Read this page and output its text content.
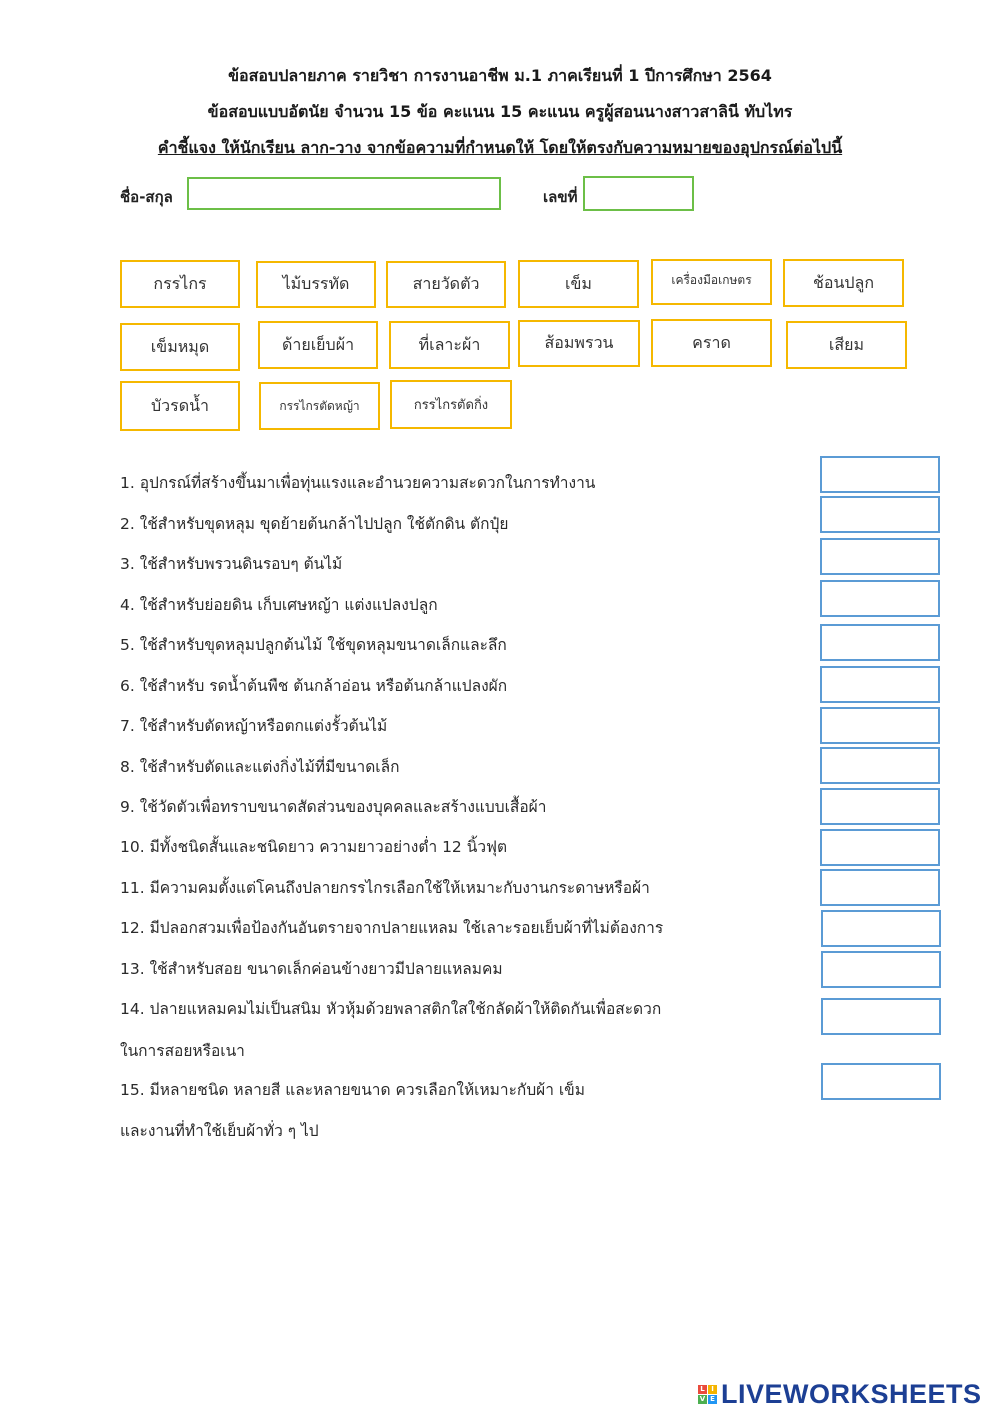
ข้อสอบปลายภาค รายวิชา การงานอาชีพ ม.1 ภาคเรียนที่ 1 ปีการศึกษา 2564
ข้อสอบแบบอัตนัย จำนวน 15 ข้อ คะแนน 15 คะแนน ครูผู้สอนนางสาวสาลินี ทับไทร
คำชี้แจง ให้นักเรียน ลาก-วาง จากข้อความที่กำหนดให้ โดยให้ตรงกับความหมายของอุปกรณ์ต่อไปนี้
ชื่อ-สกุล	เลขที่
กรรไกร	ไม้บรรทัด	สายวัดตัว	เข็ม	เครื่องมือเกษตร	ช้อนปลูก
เข็มหมุด	ด้ายเย็บผ้า	ที่เลาะผ้า	ส้อมพรวน	คราด	เสียม
บัวรดน้ำ	กรรไกรตัดหญ้า	กรรไกรตัดกิ่ง
1. อุปกรณ์ที่สร้างขึ้นมาเพื่อทุ่นแรงและอำนวยความสะดวกในการทำงาน
2. ใช้สำหรับขุดหลุม ขุดย้ายต้นกล้าไปปลูก ใช้ตักดิน ตักปุ๋ย
3. ใช้สำหรับพรวนดินรอบๆ ต้นไม้
4. ใช้สำหรับย่อยดิน เก็บเศษหญ้า แต่งแปลงปลูก
5. ใช้สำหรับขุดหลุมปลูกต้นไม้ ใช้ขุดหลุมขนาดเล็กและลึก
6. ใช้สำหรับ รดน้ำต้นพืช ต้นกล้าอ่อน หรือต้นกล้าแปลงผัก
7. ใช้สำหรับตัดหญ้าหรือตกแต่งรั้วต้นไม้
8. ใช้สำหรับตัดและแต่งกิ่งไม้ที่มีขนาดเล็ก
9. ใช้วัดตัวเพื่อทราบขนาดสัดส่วนของบุคคลและสร้างแบบเสื้อผ้า
10. มีทั้งชนิดสั้นและชนิดยาว ความยาวอย่างต่ำ 12 นิ้วฟุต
11. มีความคมตั้งแต่โคนถึงปลายกรรไกรเลือกใช้ให้เหมาะกับงานกระดาษหรือผ้า
12. มีปลอกสวมเพื่อป้องกันอันตรายจากปลายแหลม ใช้เลาะรอยเย็บผ้าที่ไม่ต้องการ
13. ใช้สำหรับสอย ขนาดเล็กค่อนข้างยาวมีปลายแหลมคม
14. ปลายแหลมคมไม่เป็นสนิม หัวหุ้มด้วยพลาสติกใสใช้กลัดผ้าให้ติดกันเพื่อสะดวก
ในการสอยหรือเนา
15. มีหลายชนิด หลายสี และหลายขนาด ควรเลือกให้เหมาะกับผ้า เข็ม
และงานที่ทำใช้เย็บผ้าทั่ว ๆ ไป
L I
V E LIVEWORKSHEETS
